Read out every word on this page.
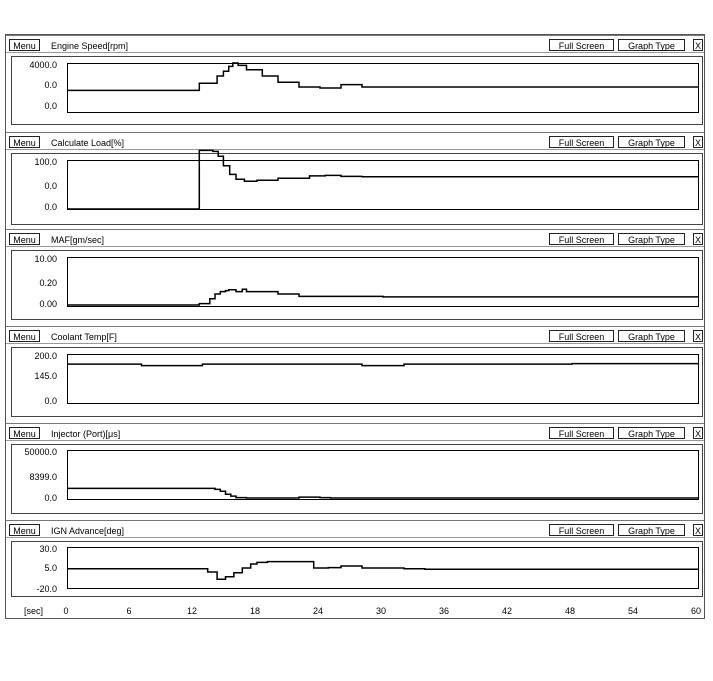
Menu	Engine Speed[rpm]	Full Screen	Graph Type	X
4000.0
0.0
0.0
Menu	Calculate Load[%]	Full Screen	Graph Type	X
100.0
0.0
0.0
Menu	MAF[gm/sec]	Full Screen	Graph Type	X
10.00
0.20
0.00
Menu	Coolant Temp[F]	Full Screen	Graph Type	X
200.0
145.0
0.0
Menu	Injector (Port)[μs]	Full Screen	Graph Type	X
50000.0
8399.0
0.0
Menu	IGN Advance[deg]	Full Screen	Graph Type	X
30.0
5.0
-20.0
[sec] 0	6	12	18	24	30	36	42	48	54	60
